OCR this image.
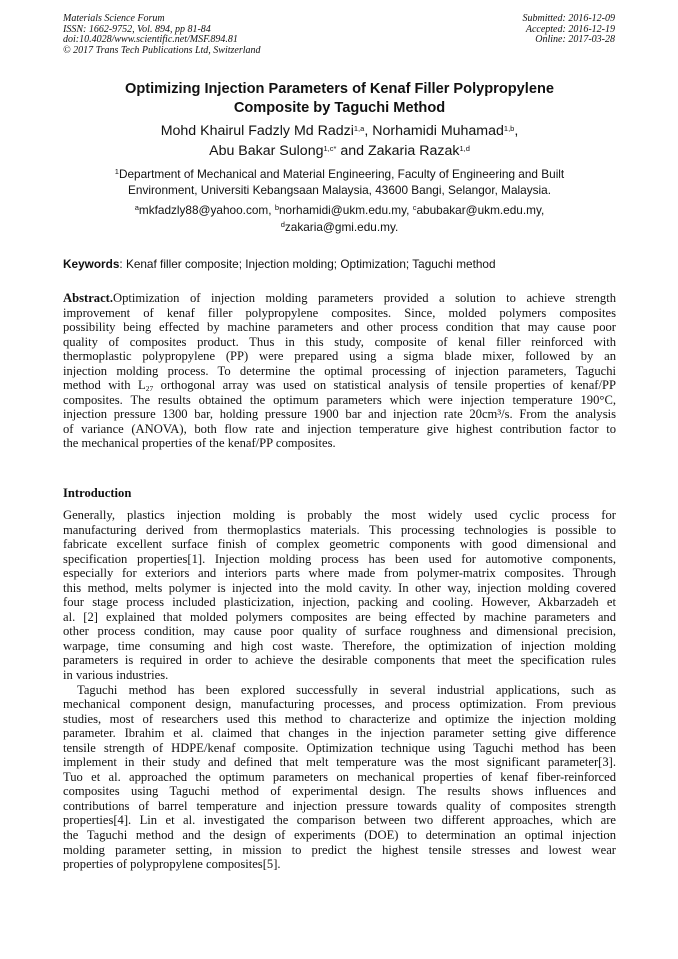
Materials Science Forum
ISSN: 1662-9752, Vol. 894, pp 81-84
doi:10.4028/www.scientific.net/MSF.894.81
© 2017 Trans Tech Publications Ltd, Switzerland
Submitted: 2016-12-09
Accepted: 2016-12-19
Online: 2017-03-28
Optimizing Injection Parameters of Kenaf Filler Polypropylene
Composite by Taguchi Method
Mohd Khairul Fadzly Md Radzi$^{1,a}$, Norhamidi Muhamad$^{1,b}$,
Abu Bakar Sulong$^{1,c*}$ and Zakaria Razak$^{1,d}$
$^1$Department of Mechanical and Material Engineering, Faculty of Engineering and Built
Environment, Universiti Kebangsaan Malaysia, 43600 Bangi, Selangor, Malaysia.
$^a$mkfadzly88@yahoo.com, $^b$norhamidi@ukm.edu.my, $^c$abubakar@ukm.edu.my,
$^d$zakaria@gmi.edu.my.
Keywords: Kenaf filler composite; Injection molding; Optimization; Taguchi method
Abstract. Optimization of injection molding parameters provided a solution to achieve strength
improvement of kenaf filler polypropylene composites. Since, molded polymers composites
possibility being effected by machine parameters and other process condition that may cause poor
quality of composites product. Thus in this study, composite of kenal filler reinforced with
thermoplastic polypropylene (PP) were prepared using a sigma blade mixer, followed by an
injection molding process. To determine the optimal processing of injection parameters, Taguchi
method with $L_{27}$ orthogonal array was used on statistical analysis of tensile properties of kenaf/PP
composites. The results obtained the optimum parameters which were injection temperature 190°C,
injection pressure 1300 bar, holding pressure 1900 bar and injection rate 20cm³/s. From the analysis
of variance (ANOVA), both flow rate and injection temperature give highest contribution factor to
the mechanical properties of the kenaf/PP composites.
Introduction
Generally, plastics injection molding is probably the most widely used cyclic process for
manufacturing derived from thermoplastics materials. This processing technologies is possible to
fabricate excellent surface finish of complex geometric components with good dimensional and
specification properties[1]. Injection molding process has been used for automotive components,
especially for exteriors and interiors parts where made from polymer-matrix composites. Through
this method, melts polymer is injected into the mold cavity. In other way, injection molding covered
four stage process included plasticization, injection, packing and cooling. However, Akbarzadeh et
al. [2] explained that molded polymers composites are being effected by machine parameters and
other process condition, may cause poor quality of surface roughness and dimensional precision,
warpage, time consuming and high cost waste. Therefore, the optimization of injection molding
parameters is required in order to achieve the desirable components that meet the specification rules
in various industries.
Taguchi method has been explored successfully in several industrial applications, such as
mechanical component design, manufacturing processes, and process optimization. From previous
studies, most of researchers used this method to characterize and optimize the injection molding
parameter. Ibrahim et al. claimed that changes in the injection parameter setting give difference
tensile strength of HDPE/kenaf composite. Optimization technique using Taguchi method has been
implement in their study and defined that melt temperature was the most significant parameter[3].
Tuo et al. approached the optimum parameters on mechanical properties of kenaf fiber-reinforced
composites using Taguchi method of experimental design. The results shows influences and
contributions of barrel temperature and injection pressure towards quality of composites strength
properties[4]. Lin et al. investigated the comparison between two different approaches, which are
the Taguchi method and the design of experiments (DOE) to determination an optimal injection
molding parameter setting, in mission to predict the highest tensile stresses and lowest wear
properties of polypropylene composites[5].
